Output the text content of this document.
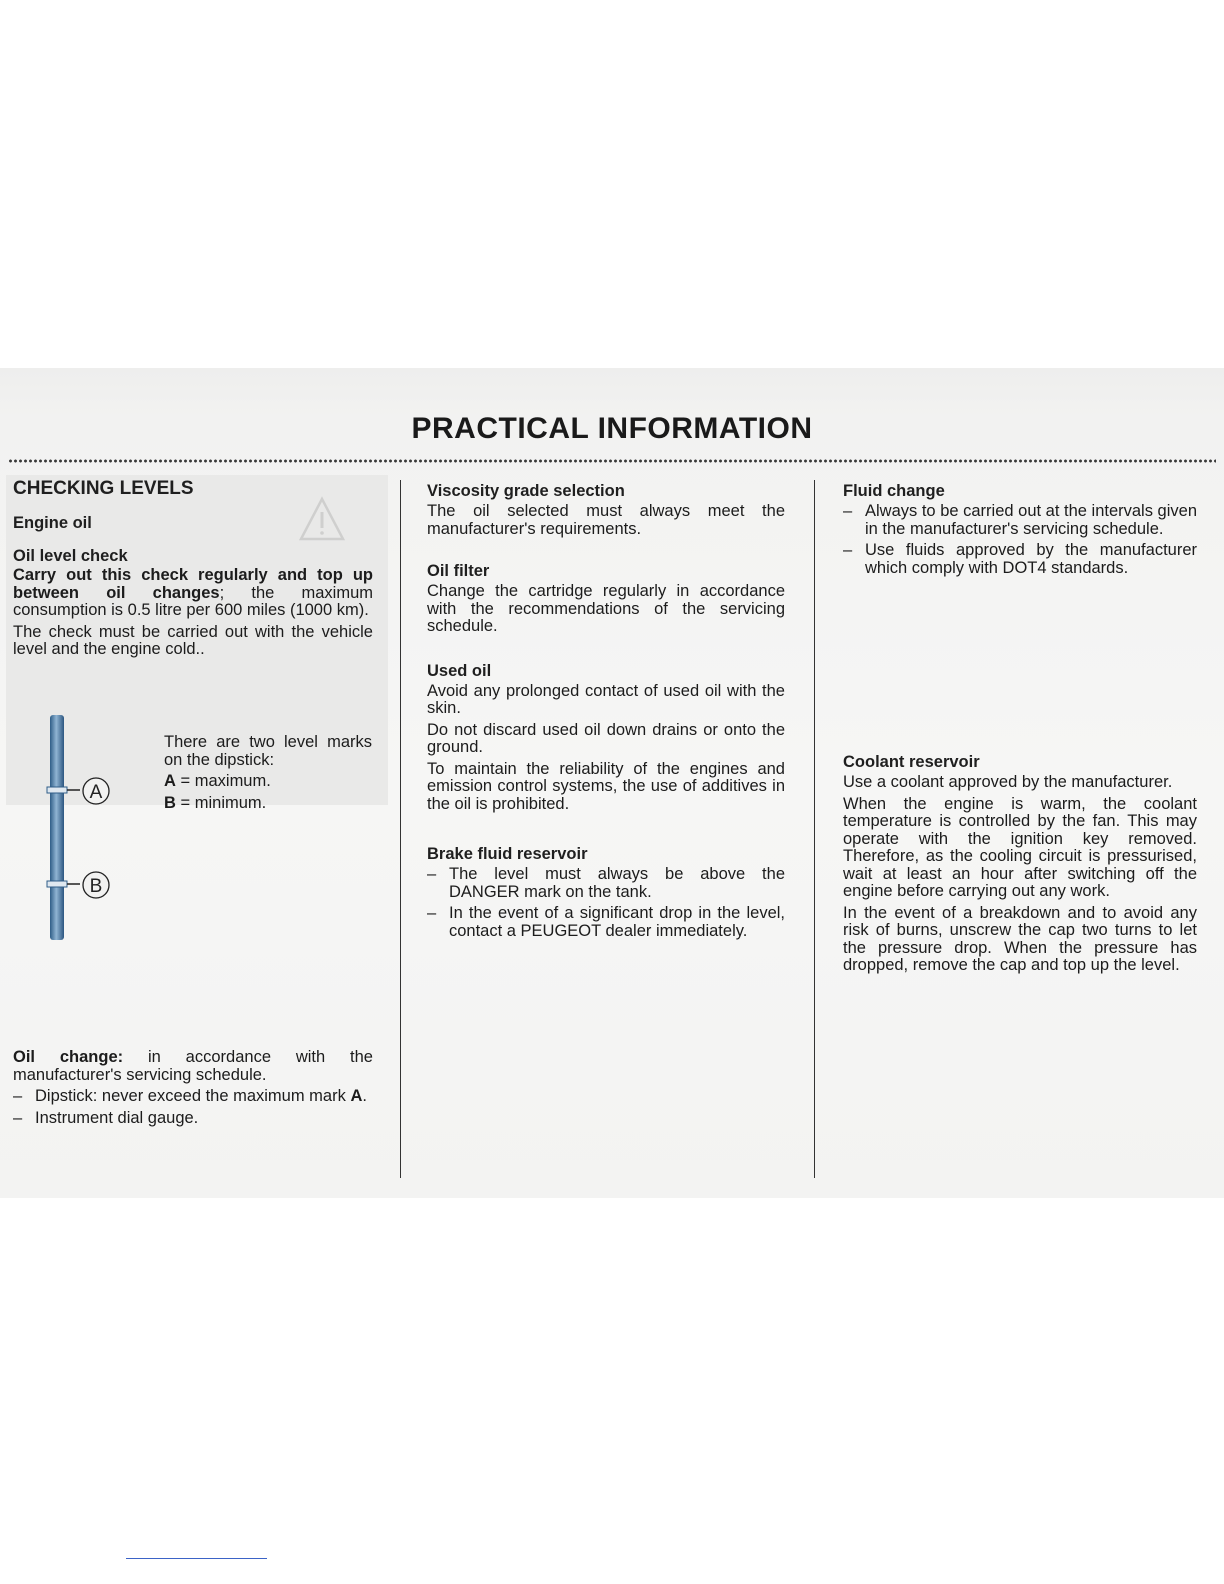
PRACTICAL INFORMATION
CHECKING LEVELS
Engine oil
Oil level check

Carry out this check regularly and top up between oil changes; the maximum consumption is 0.5 litre per 600 miles (1000 km).

The check must be carried out with the vehicle level and the engine cold..

A
B

There are two level marks on the dipstick:

A = maximum.
B = minimum.

Oil change: in accordance with the manufacturer's servicing schedule.

– Dipstick: never exceed the maximum mark A.
– Instrument dial gauge.
Viscosity grade selection

The oil selected must always meet the manufacturer's requirements.

Oil filter

Change the cartridge regularly in accordance with the recommendations of the servicing schedule.

Used oil

Avoid any prolonged contact of used oil with the skin.

Do not discard used oil down drains or onto the ground.

To maintain the reliability of the engines and emission control systems, the use of additives in the oil is prohibited.

Brake fluid reservoir
– The level must always be above the DANGER mark on the tank.
– In the event of a significant drop in the level, contact a PEUGEOT dealer immediately.
Fluid change
– Always to be carried out at the intervals given in the manufacturer's servicing schedule.
– Use fluids approved by the manufacturer which comply with DOT4 standards.
Coolant reservoir

Use a coolant approved by the manufacturer.

When the engine is warm, the coolant temperature is controlled by the fan. This may operate with the ignition key removed. Therefore, as the cooling circuit is pressurised, wait at least an hour after switching off the engine before carrying out any work.

In the event of a breakdown and to avoid any risk of burns, unscrew the cap two turns to let the pressure drop. When the pressure has dropped, remove the cap and top up the level.
